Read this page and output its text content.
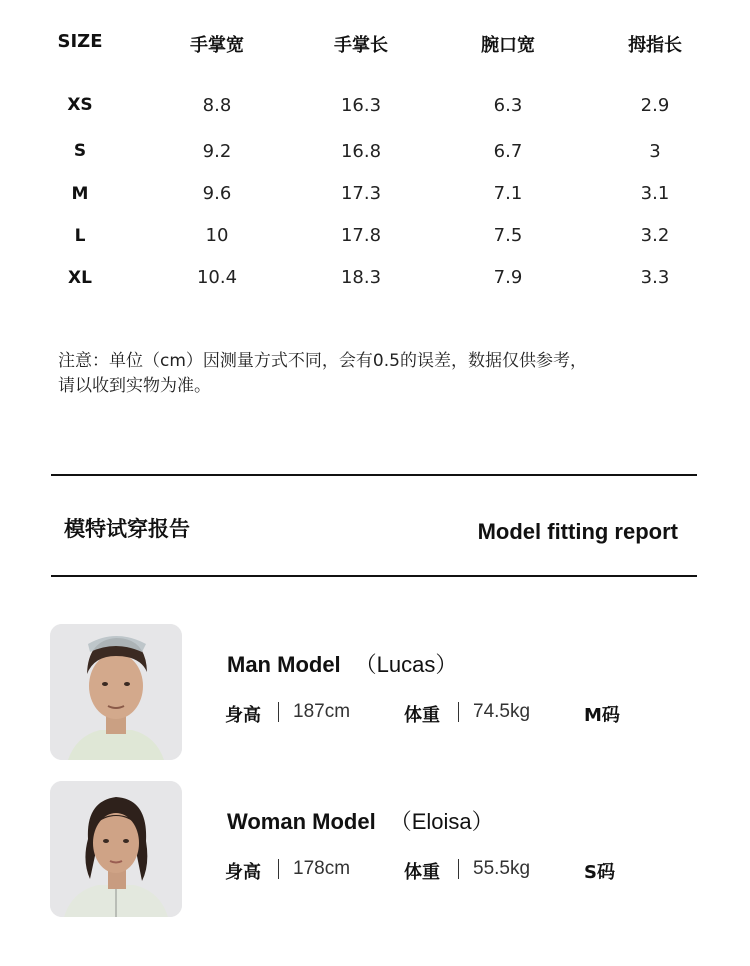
SIZE	手掌宽	手掌长	腕口宽	拇指长
XS	8.8	16.3	6.3	2.9
S	9.2	16.8	6.7	3
M	9.6	17.3	7.1	3.1
L	10	17.8	7.5	3.2
XL	10.4	18.3	7.9	3.3
注意：单位（cm）因测量方式不同，会有0.5的误差，数据仅供参考，
请以收到实物为准。
模特试穿报告	Model fitting report
Man Model （Lucas）
身高 187cm	体重 74.5kg	M码
Woman Model （Eloisa）
身高 178cm	体重 55.5kg	S码
